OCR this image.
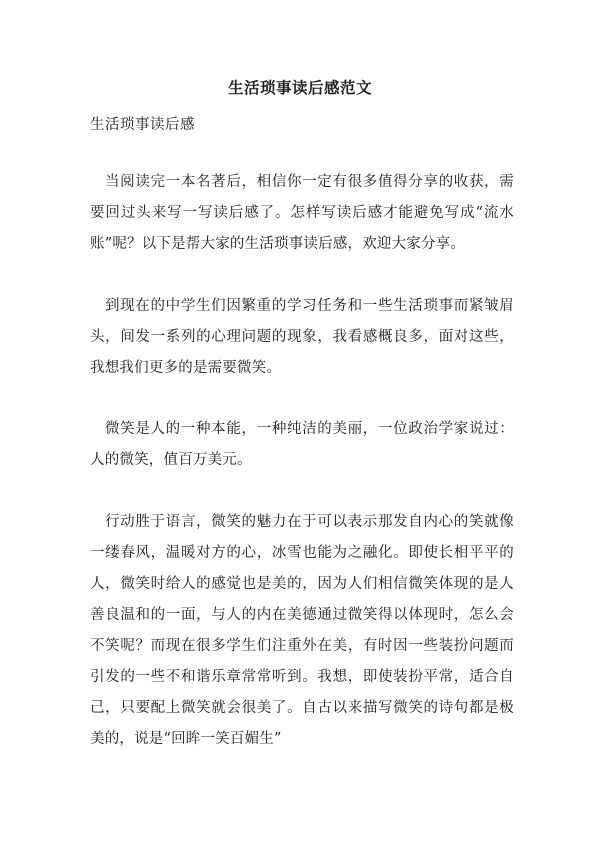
生活琐事读后感范文

生活琐事读后感

当阅读完一本名著后，相信你一定有很多值得分享的收获，需要回过头来写一写读后感了。怎样写读后感才能避免写成“流水账”呢？以下是帮大家的生活琐事读后感，欢迎大家分享。

到现在的中学生们因繁重的学习任务和一些生活琐事而紧皱眉头，间发一系列的心理问题的现象，我看感概良多，面对这些，我想我们更多的是需要微笑。

微笑是人的一种本能，一种纯洁的美丽，一位政治学家说过：人的微笑，值百万美元。

行动胜于语言，微笑的魅力在于可以表示那发自内心的笑就像一缕春风，温暖对方的心，冰雪也能为之融化。即使长相平平的人，微笑时给人的感觉也是美的，因为人们相信微笑体现的是人善良温和的一面，与人的内在美德通过微笑得以体现时，怎么会不笑呢？而现在很多学生们注重外在美，有时因一些装扮问题而引发的一些不和谐乐章常常听到。我想，即使装扮平常，适合自己，只要配上微笑就会很美了。自古以来描写微笑的诗句都是极美的，说是“回眸一笑百媚生”
